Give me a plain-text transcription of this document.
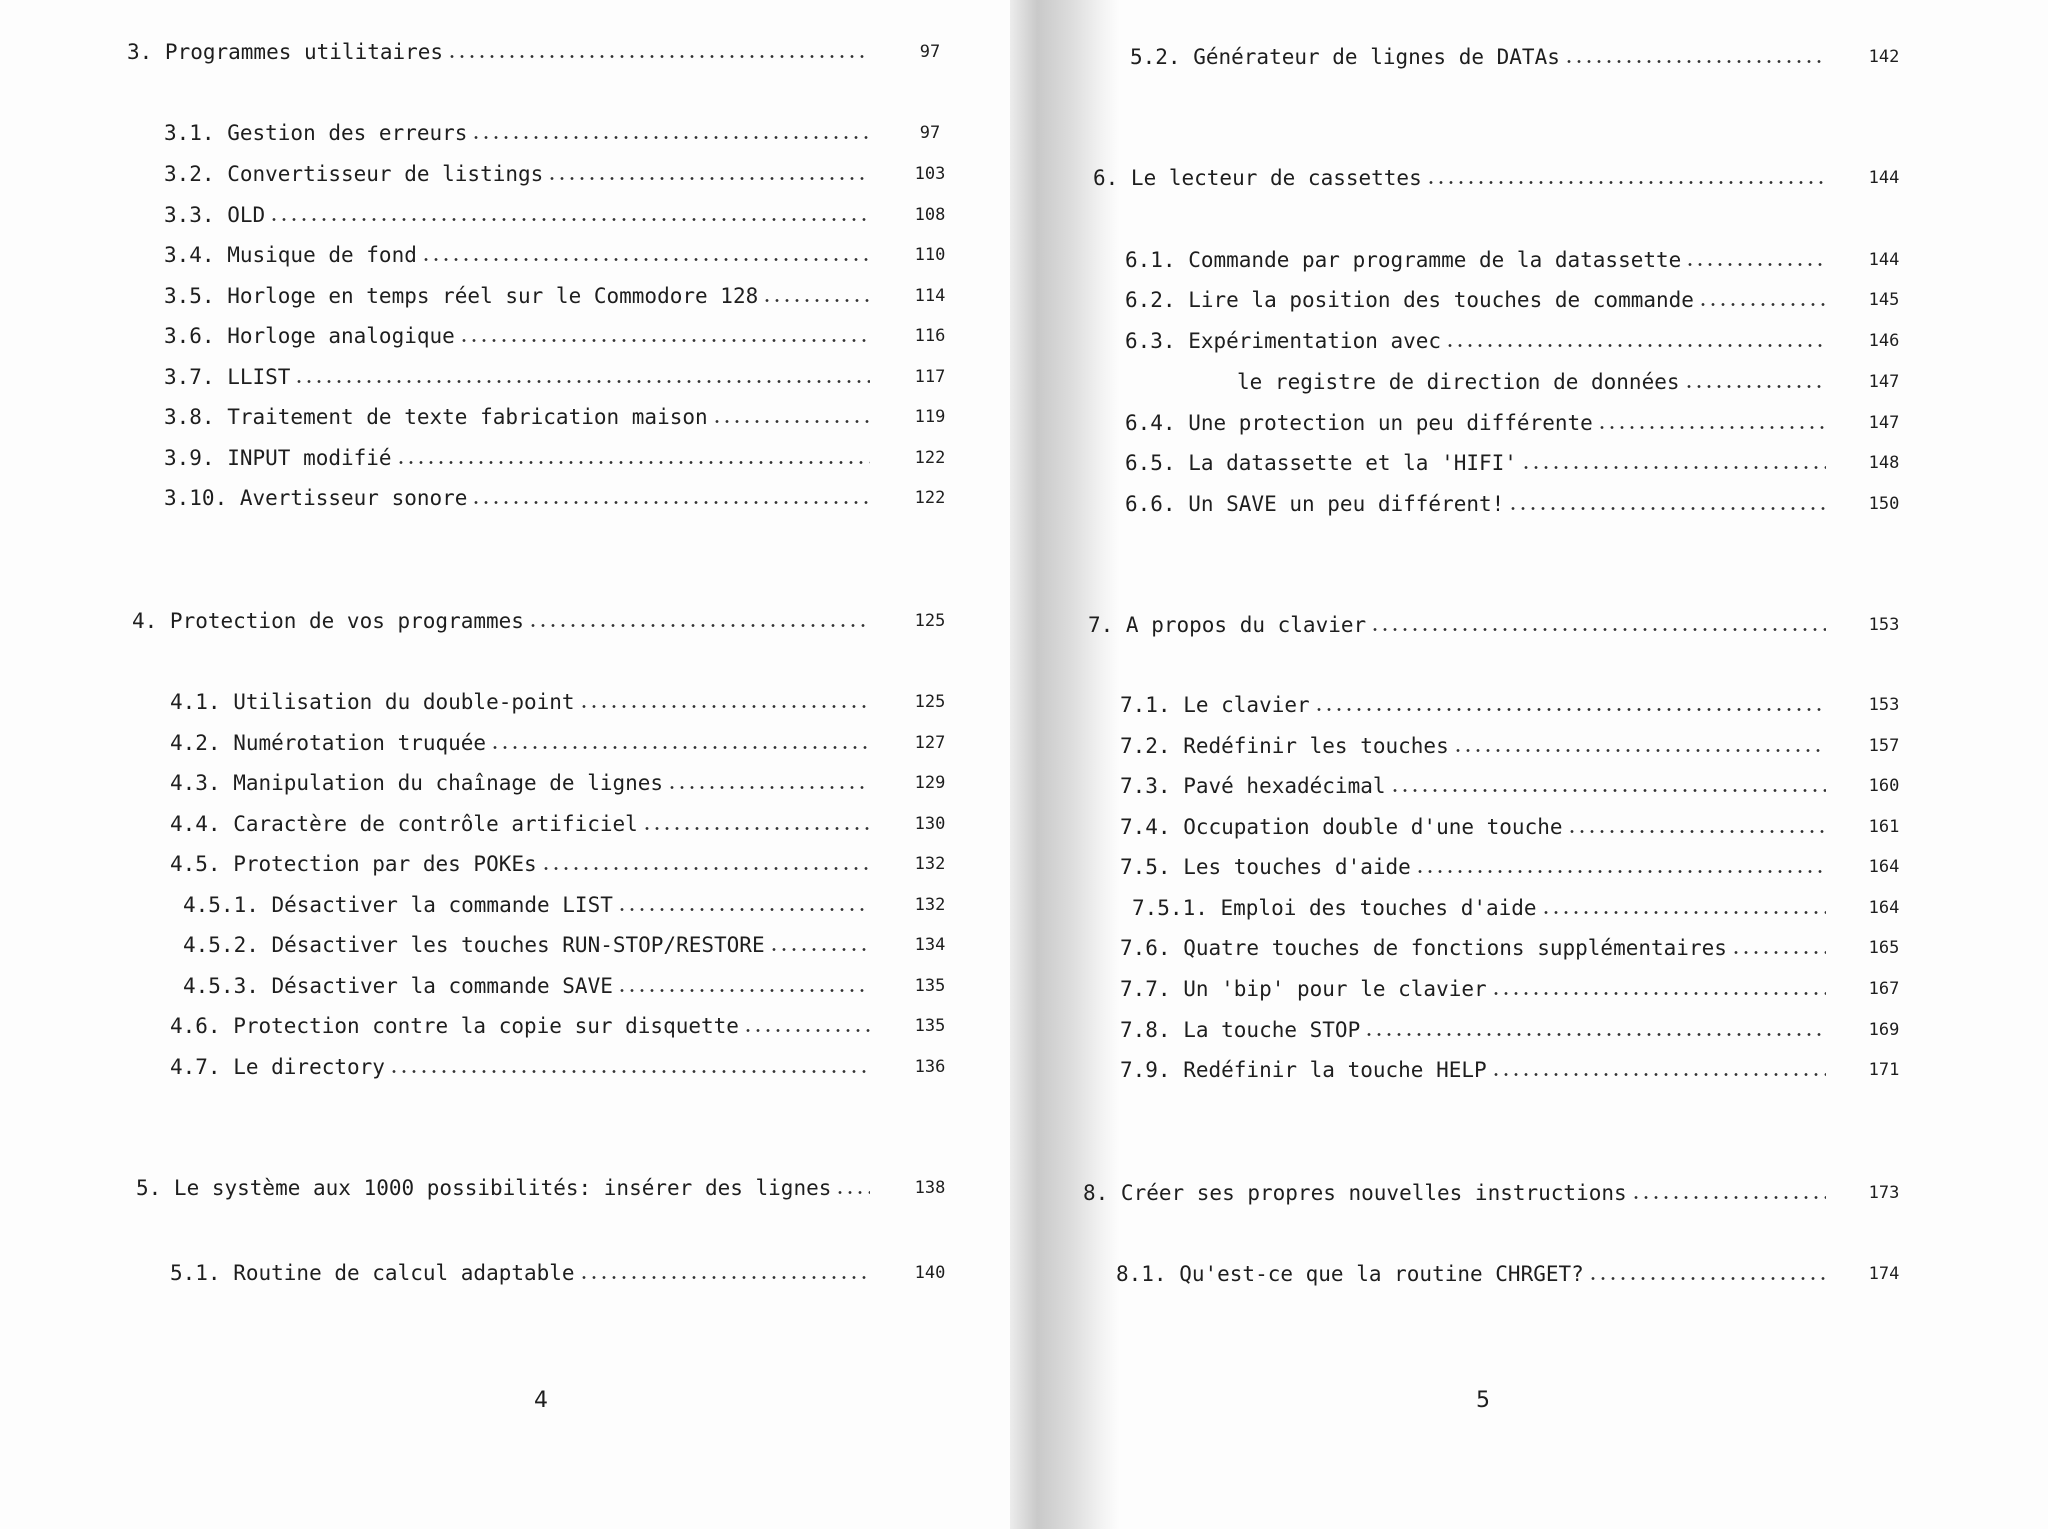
3. Programmes utilitaires	97
3.1. Gestion des erreurs	97
3.2. Convertisseur de listings	103
3.3. OLD	108
3.4. Musique de fond	110
3.5. Horloge en temps réel sur le Commodore 128	114
3.6. Horloge analogique	116
3.7. LLIST	117
3.8. Traitement de texte fabrication maison	119
3.9. INPUT modifié	122
3.10. Avertisseur sonore	122
4. Protection de vos programmes	125
4.1. Utilisation du double-point	125
4.2. Numérotation truquée	127
4.3. Manipulation du chaînage de lignes	129
4.4. Caractère de contrôle artificiel	130
4.5. Protection par des POKEs	132
4.5.1. Désactiver la commande LIST	132
4.5.2. Désactiver les touches RUN-STOP/RESTORE	134
4.5.3. Désactiver la commande SAVE	135
4.6. Protection contre la copie sur disquette	135
4.7. Le directory	136
5. Le système aux 1000 possibilités: insérer des lignes	138
5.1. Routine de calcul adaptable	140
5.2. Générateur de lignes de DATAs	142
6. Le lecteur de cassettes	144
6.1. Commande par programme de la datassette	144
6.2. Lire la position des touches de commande	145
6.3. Expérimentation avec	146
le registre de direction de données	147
6.4. Une protection un peu différente	147
6.5. La datassette et la 'HIFI'	148
6.6. Un SAVE un peu différent!	150
7. A propos du clavier	153
7.1. Le clavier	153
7.2. Redéfinir les touches	157
7.3. Pavé hexadécimal	160
7.4. Occupation double d'une touche	161
7.5. Les touches d'aide	164
7.5.1. Emploi des touches d'aide	164
7.6. Quatre touches de fonctions supplémentaires	165
7.7. Un 'bip' pour le clavier	167
7.8. La touche STOP	169
7.9. Redéfinir la touche HELP	171
8. Créer ses propres nouvelles instructions	173
8.1. Qu'est-ce que la routine CHRGET?	174
4	5
